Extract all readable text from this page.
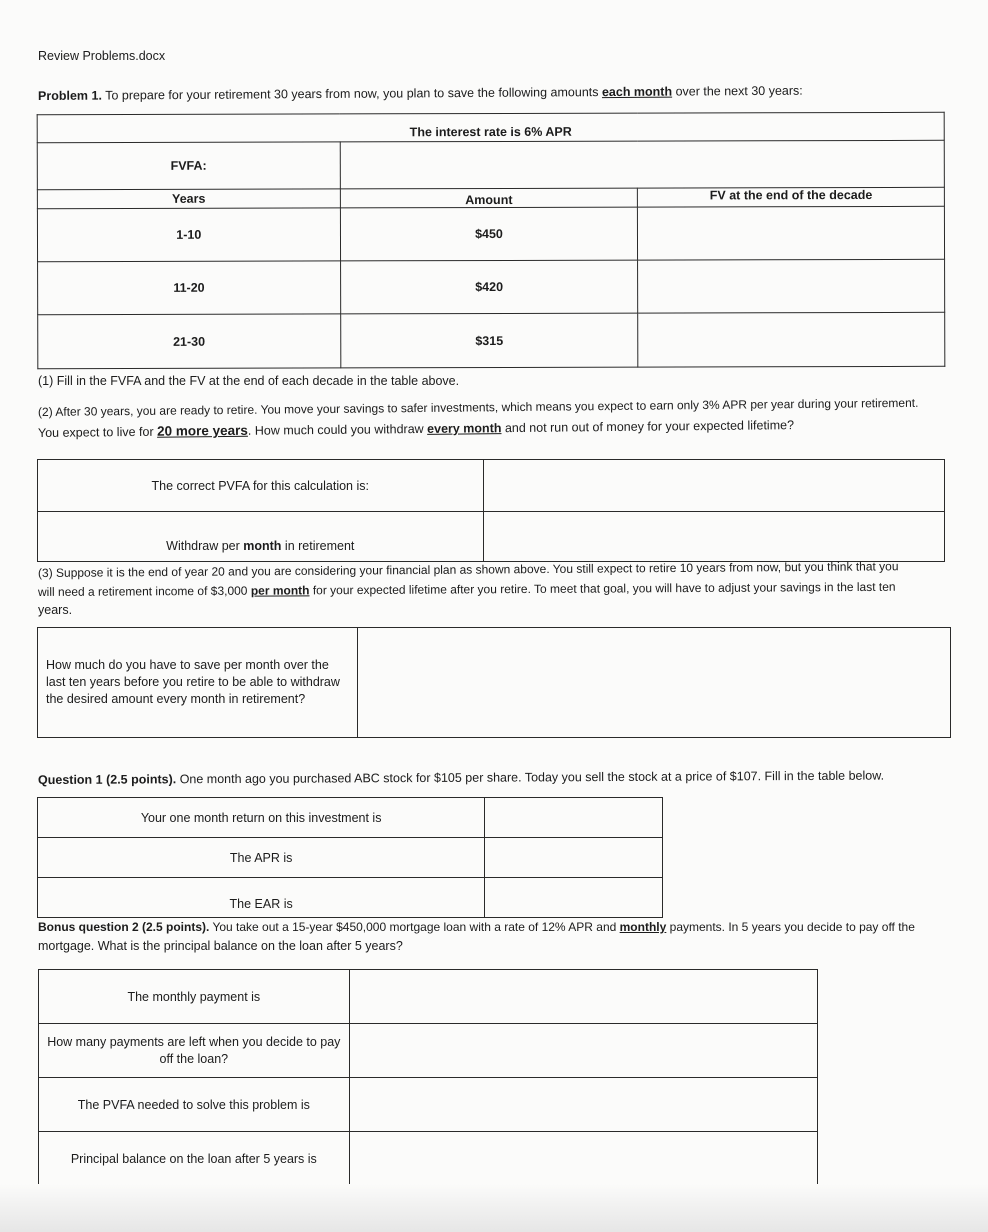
Review Problems.docx
Problem 1. To prepare for your retirement 30 years from now, you plan to save the following amounts each month over the next 30 years:
The interest rate is 6% APR		
FVFA:		
Years	Amount	FV at the end of the decade
1-10	$450	
11-20	$420	
21-30	$315	
(1) Fill in the FVFA and the FV at the end of each decade in the table above.
(2) After 30 years, you are ready to retire. You move your savings to safer investments, which means you expect to earn only 3% APR per year during your retirement.
You expect to live for 20 more years. How much could you withdraw every month and not run out of money for your expected lifetime?
The correct PVFA for this calculation is:	
Withdraw per month in retirement	
(3) Suppose it is the end of year 20 and you are considering your financial plan as shown above. You still expect to retire 10 years from now, but you think that you
will need a retirement income of $3,000 per month for your expected lifetime after you retire. To meet that goal, you will have to adjust your savings in the last ten
years.
How much do you have to save per month over the
last ten years before you retire to be able to withdraw
the desired amount every month in retirement?

Question 1 (2.5 points). One month ago you purchased ABC stock for $105 per share. Today you sell the stock at a price of $107. Fill in the table below.
Your one month return on this investment is	
The APR is	
The EAR is	
Bonus question 2 (2.5 points). You take out a 15-year $450,000 mortgage loan with a rate of 12% APR and monthly payments. In 5 years you decide to pay off the
mortgage. What is the principal balance on the loan after 5 years?
The monthly payment is	
How many payments are left when you decide to pay off the loan?	
The PVFA needed to solve this problem is	
Principal balance on the loan after 5 years is	
